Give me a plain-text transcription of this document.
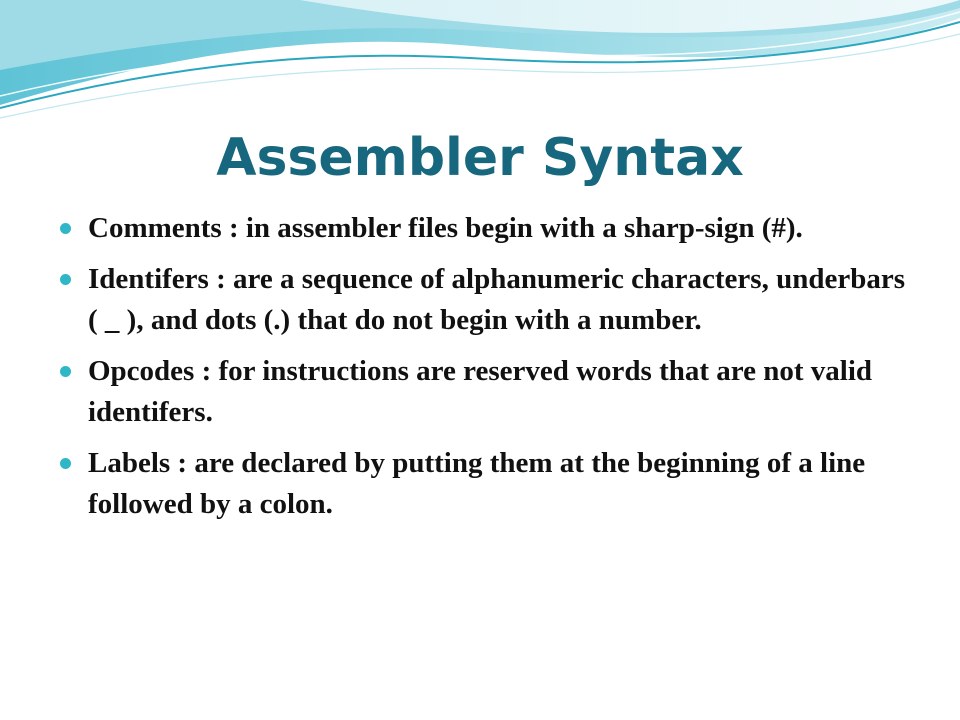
Assembler Syntax
Comments : in assembler files begin with a sharp-sign (#).
Identifers : are a sequence of alphanumeric characters, underbars ( _ ), and dots (.) that do not begin with a number.
Opcodes : for instructions are reserved words that are not valid identifers.
Labels : are declared by putting them at the beginning of a line followed by a colon.
